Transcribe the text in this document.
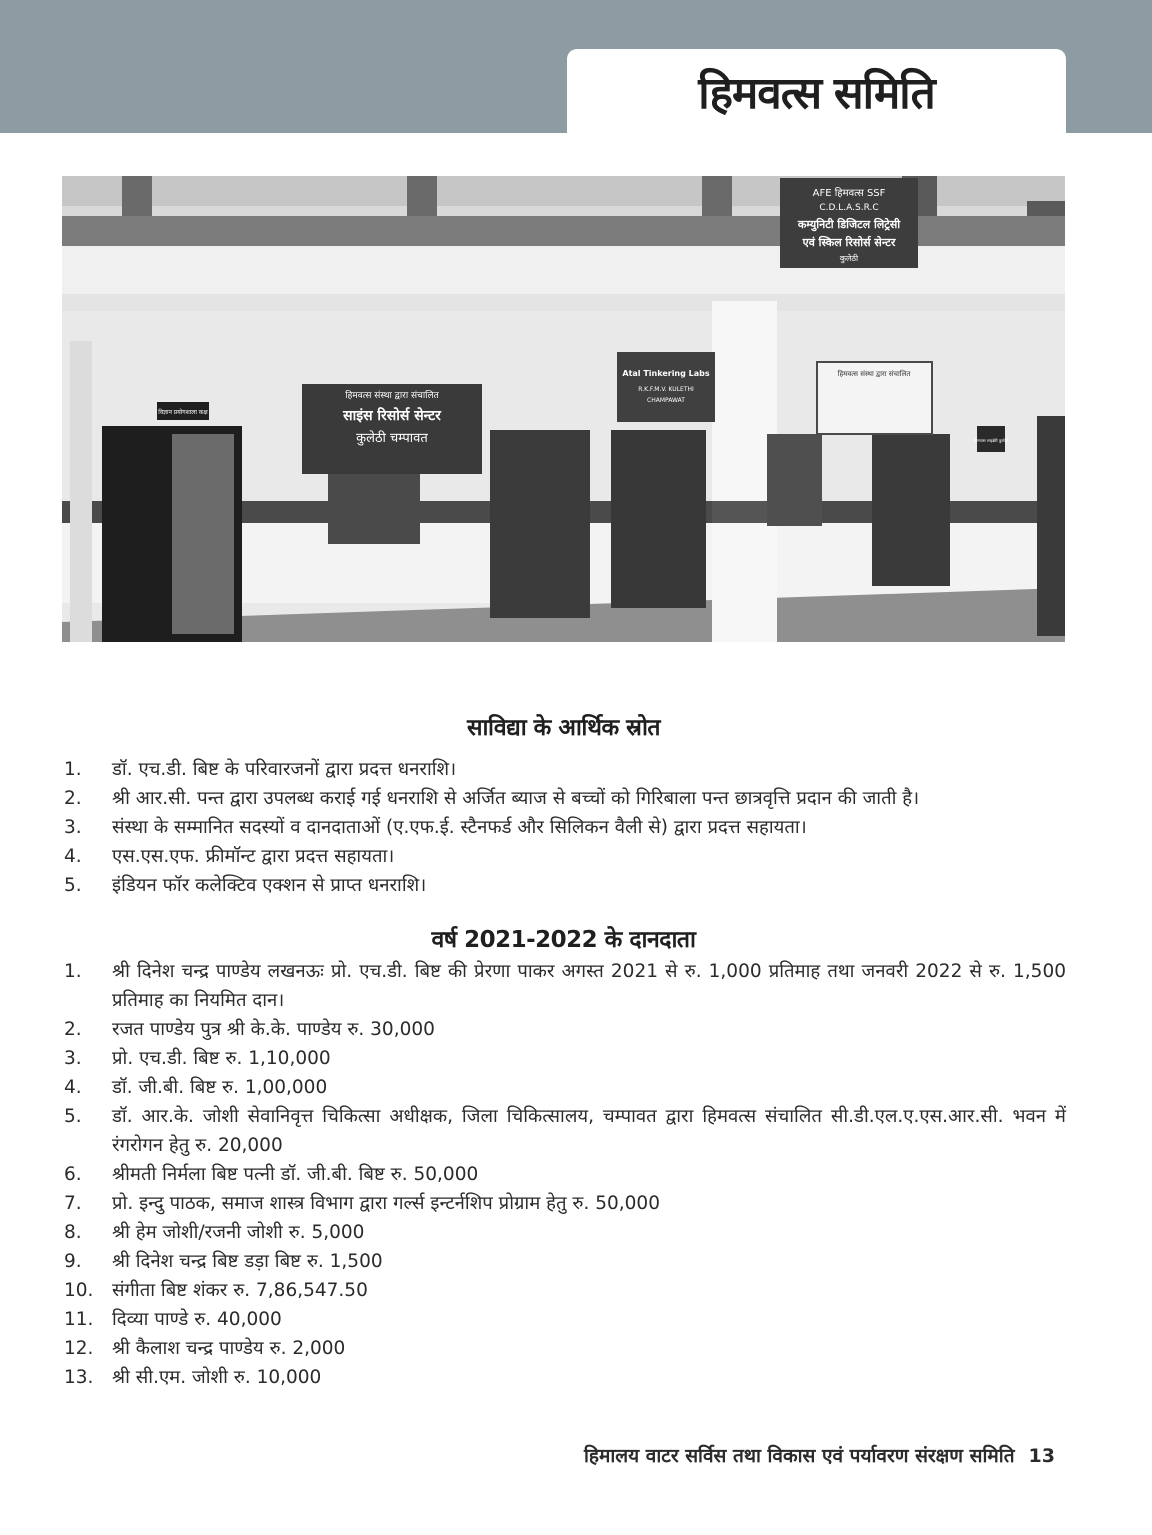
हिमवत्स समिति
AFE हिमवत्स SSF
C.D.L.A.S.R.C
कम्युनिटी डिजिटल लिट्रेसी
एवं स्किल रिसोर्स सेन्टर
कुलेठी
विज्ञान प्रयोगशाला कक्ष
हिमवत्स संस्था द्वारा संचालित
साइंस रिसोर्स सेन्टर
कुलेठी चम्पावत
Atal Tinkering Labs
R.K.F.M.V. KULETHI
CHAMPAWAT
हिमवत्स संस्था द्वारा संचालित
हिमवत्स लाइब्रेरी कुलेठी
साविद्या के आर्थिक स्रोत
1.	डॉ. एच.डी. बिष्ट के परिवारजनों द्वारा प्रदत्त धनराशि।
2.	श्री आर.सी. पन्त द्वारा उपलब्ध कराई गई धनराशि से अर्जित ब्याज से बच्चों को गिरिबाला पन्त छात्रवृत्ति प्रदान की जाती है।
3.	संस्था के सम्मानित सदस्यों व दानदाताओं (ए.एफ.ई. स्टैनफर्ड और सिलिकन वैली से) द्वारा प्रदत्त सहायता।
4.	एस.एस.एफ. फ्रीमॉन्ट द्वारा प्रदत्त सहायता।
5.	इंडियन फॉर कलेक्टिव एक्शन से प्राप्त धनराशि।
वर्ष 2021-2022 के दानदाता
1.	श्री दिनेश चन्द्र पाण्डेय लखनऊः प्रो. एच.डी. बिष्ट की प्रेरणा पाकर अगस्त 2021 से रु. 1,000 प्रतिमाह तथा जनवरी 2022 से रु. 1,500 प्रतिमाह का नियमित दान।
2.	रजत पाण्डेय पुत्र श्री के.के. पाण्डेय रु. 30,000
3.	प्रो. एच.डी. बिष्ट रु. 1,10,000
4.	डॉ. जी.बी. बिष्ट रु. 1,00,000
5.	डॉ. आर.के. जोशी सेवानिवृत्त चिकित्सा अधीक्षक, जिला चिकित्सालय, चम्पावत द्वारा हिमवत्स संचालित सी.डी.एल.ए.एस.आर.सी. भवन में रंगरोगन हेतु रु. 20,000
6.	श्रीमती निर्मला बिष्ट पत्नी डॉ. जी.बी. बिष्ट रु. 50,000
7.	प्रो. इन्दु पाठक, समाज शास्त्र विभाग द्वारा गर्ल्स इन्टर्नशिप प्रोग्राम हेतु रु. 50,000
8.	श्री हेम जोशी/रजनी जोशी रु. 5,000
9.	श्री दिनेश चन्द्र बिष्ट डड़ा बिष्ट रु. 1,500
10.	संगीता बिष्ट शंकर रु. 7,86,547.50
11.	दिव्या पाण्डे रु. 40,000
12.	श्री कैलाश चन्द्र पाण्डेय रु. 2,000
13.	श्री सी.एम. जोशी रु. 10,000
हिमालय वाटर सर्विस तथा विकास एवं पर्यावरण संरक्षण समिति 13
